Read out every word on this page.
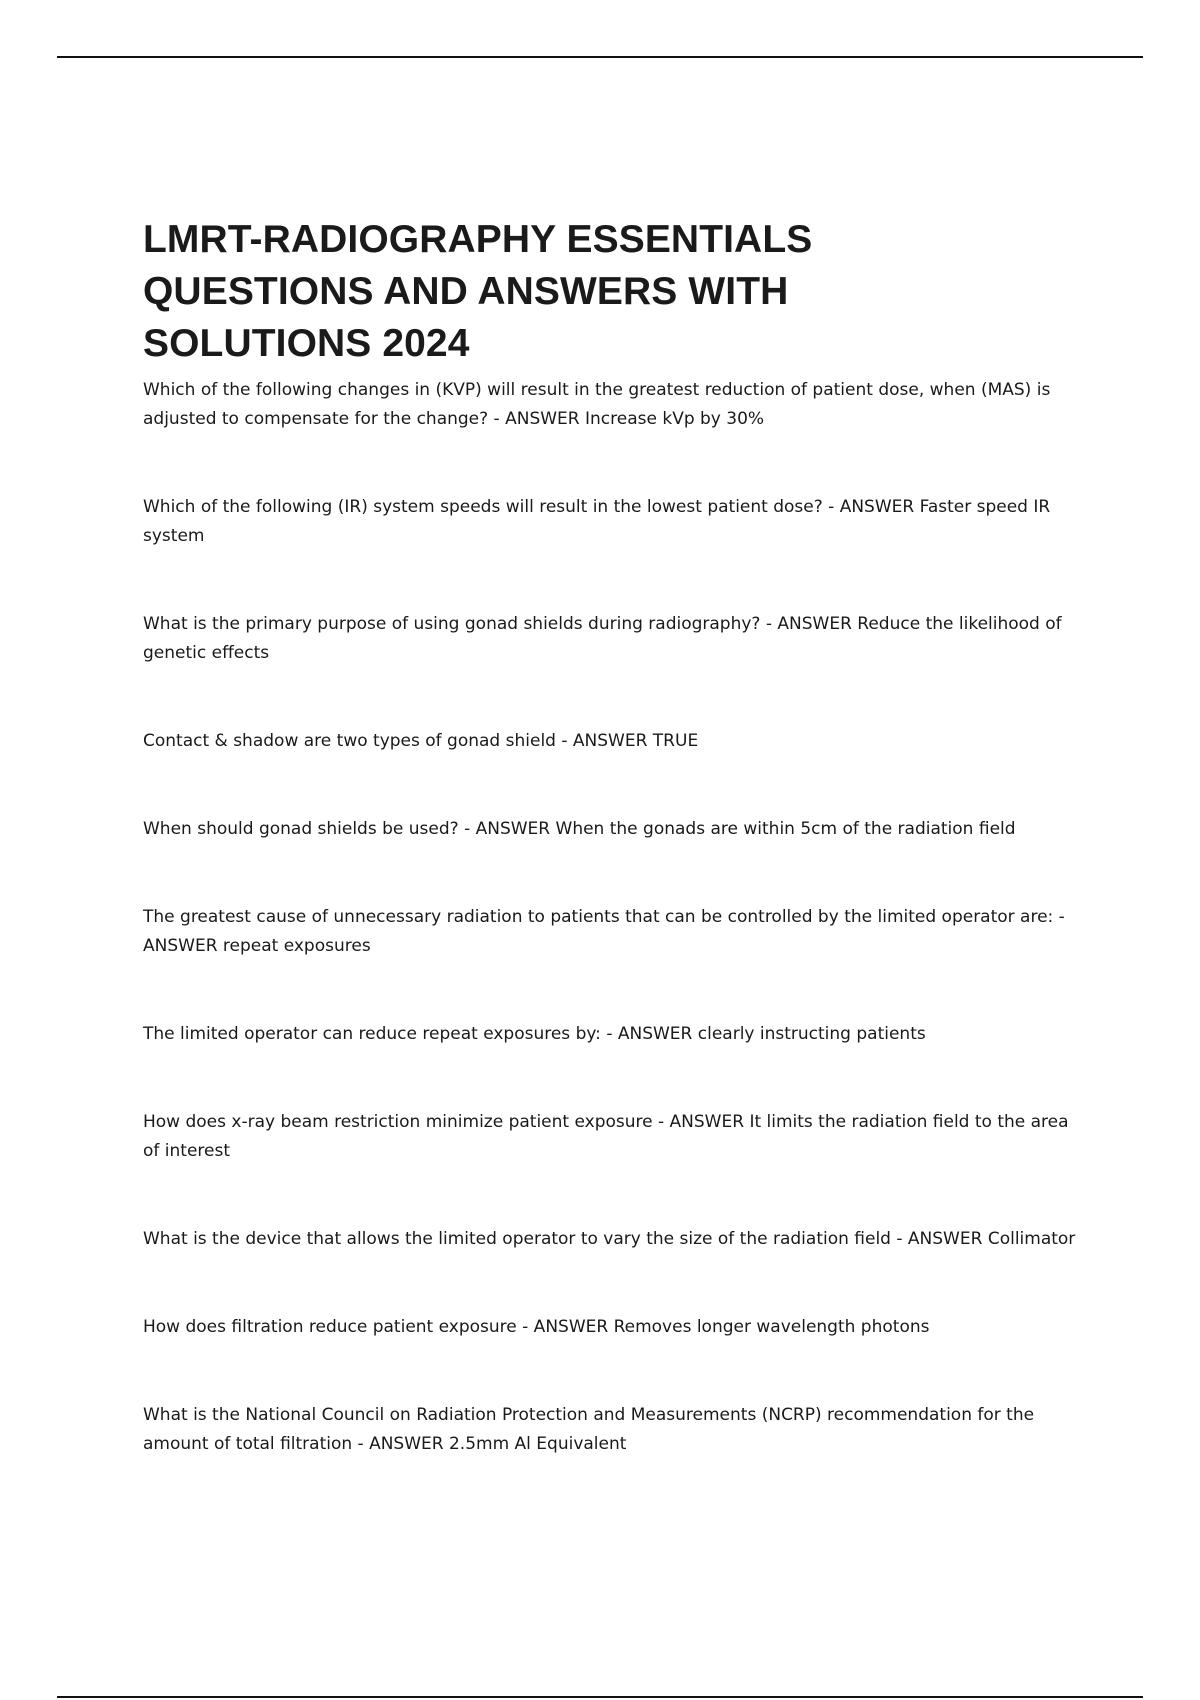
LMRT-RADIOGRAPHY ESSENTIALS
QUESTIONS AND ANSWERS WITH
SOLUTIONS 2024
Which of the following changes in (KVP) will result in the greatest reduction of patient dose, when (MAS) is adjusted to compensate for the change? - ANSWER Increase kVp by 30%
Which of the following (IR) system speeds will result in the lowest patient dose? - ANSWER Faster speed IR system
What is the primary purpose of using gonad shields during radiography? - ANSWER Reduce the likelihood of genetic effects
Contact & shadow are two types of gonad shield - ANSWER TRUE
When should gonad shields be used? - ANSWER When the gonads are within 5cm of the radiation field
The greatest cause of unnecessary radiation to patients that can be controlled by the limited operator are: - ANSWER repeat exposures
The limited operator can reduce repeat exposures by: - ANSWER clearly instructing patients
How does x-ray beam restriction minimize patient exposure - ANSWER It limits the radiation field to the area of interest
What is the device that allows the limited operator to vary the size of the radiation field - ANSWER Collimator
How does filtration reduce patient exposure - ANSWER Removes longer wavelength photons
What is the National Council on Radiation Protection and Measurements (NCRP) recommendation for the amount of total filtration - ANSWER 2.5mm Al Equivalent
